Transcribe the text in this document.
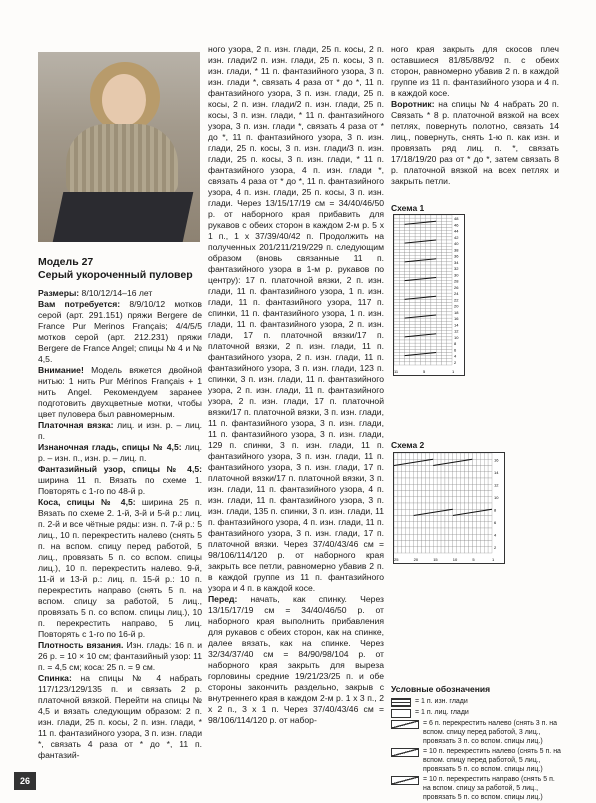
Модель 27
Серый укороченный пуловер

Размеры: 8/10/12/14–16 лет

Вам потребуется: 8/9/10/12 мотков серой (арт. 291.151) пряжи Bergere de France Pur Merinos Français; 4/4/5/5 мотков серой (арт. 212.231) пряжи Bergere de France Angel; спицы № 4 и № 4,5.

Внимание! Модель вяжется двойной нитью: 1 нить Pur Mérinos Français + 1 нить Angel. Рекомендуем заранее подготовить двухцветные мотки, чтобы цвет пуловера был равномерным.

Платочная вязка: лиц. и изн. р. – лиц. п.

Изнаночная гладь, спицы № 4,5: лиц. р. – изн. п., изн. р. – лиц. п.

Фантазийный узор, спицы № 4,5: ширина 11 п. Вязать по схеме 1. Повторять с 1-го по 48-й р.

Коса, спицы № 4,5: ширина 25 п. Вязать по схеме 2. 1-й, 3-й и 5-й р.: лиц. п. 2-й и все чётные ряды: изн. п. 7-й р.: 5 лиц., 10 п. перекрестить налево (снять 5 п. на вспом. спицу перед работой, 5 лиц., провязать 5 п. со вспом. спицы лиц.), 10 п. перекрестить налево. 9-й, 11-й и 13-й р.: лиц. п. 15-й р.: 10 п. перекрестить направо (снять 5 п. на вспом. спицу за работой, 5 лиц., провязать 5 п. со вспом. спицы лиц.), 10 п. перекрестить направо, 5 лиц. Повторять с 1-го по 16-й р.

Плотность вязания. Изн. гладь: 16 п. и 26 р. = 10 × 10 см; фантазийный узор: 11 п. = 4,5 см; коса: 25 п. = 9 см.

Спинка: на спицы № 4 набрать 117/123/129/135 п. и связать 2 р. платочной вязкой. Перейти на спицы № 4,5 и вязать следующим образом: 2 п. изн. глади, 25 п. косы, 2 п. изн. глади, * 11 п. фантазийного узора, 3 п. изн. глади *, связать 4 раза от * до *, 11 п. фантазий-

ного узора, 2 п. изн. глади, 25 п. косы, 2 п. изн. глади/2 п. изн. глади, 25 п. косы, 3 п. изн. глади, * 11 п. фантазийного узора, 3 п. изн. глади *, связать 4 раза от * до *, 11 п. фантазийного узора, 3 п. изн. глади, 25 п. косы, 2 п. изн. глади/2 п. изн. глади, 25 п. косы, 3 п. изн. глади, * 11 п. фантазийного узора, 3 п. изн. глади *, связать 4 раза от * до *, 11 п. фантазийного узора, 3 п. изн. глади, 25 п. косы, 3 п. изн. глади/3 п. изн. глади, 25 п. косы, 3 п. изн. глади, * 11 п. фантазийного узора, 4 п. изн. глади *, связать 4 раза от * до *, 11 п. фантазийного узора, 4 п. изн. глади, 25 п. косы, 3 п. изн. глади. Через 13/15/17/19 см = 34/40/46/50 р. от наборного края прибавить для рукавов с обеих сторон в каждом 2-м р. 5 х 1 п., 1 х 37/39/40/42 п. Продолжить на полученных 201/211/219/229 п. следующим образом (вновь связанные 11 п. фантазийного узора в 1-м р. рукавов по центру): 17 п. платочной вязки, 2 п. изн. глади, 11 п. фантазийного узора, 1 п. изн. глади, 11 п. фантазийного узора, 117 п. спинки, 11 п. фантазийного узора, 1 п. изн. глади, 11 п. фантазийного узора, 2 п. изн. глади, 17 п. платочной вязки/17 п. платочной вязки, 2 п. изн. глади, 11 п. фантазийного узора, 2 п. изн. глади, 11 п. фантазийного узора, 3 п. изн. глади, 123 п. спинки, 3 п. изн. глади, 11 п. фантазийного узора, 2 п. изн. глади, 11 п. фантазийного узора, 2 п. изн. глади, 17 п. платочной вязки/17 п. платочной вязки, 3 п. изн. глади, 11 п. фантазийного узора, 3 п. изн. глади, 11 п. фантазийного узора, 3 п. изн. глади, 129 п. спинки, 3 п. изн. глади, 11 п. фантазийного узора, 3 п. изн. глади, 11 п. фантазийного узора, 3 п. изн. глади, 17 п. платочной вязки/17 п. платочной вязки, 3 п. изн. глади, 11 п. фантазийного узора, 4 п. изн. глади, 11 п. фантазийного узора, 3 п. изн. глади, 135 п. спинки, 3 п. изн. глади, 11 п. фантазийного узора, 4 п. изн. глади, 11 п. фантазийного узора, 3 п. изн. глади, 17 п. платочной вязки. Через 37/40/43/46 см = 98/106/114/120 р. от наборного края закрыть все петли, равномерно убавив 2 п. в каждой группе из 11 п. фантазийного узора и 4 п. в каждой косе.

Перед: начать, как спинку. Через 13/15/17/19 см = 34/40/46/50 р. от наборного края выполнить прибавления для рукавов с обеих сторон, как на спинке, далее вязать, как на спинке. Через 32/34/37/40 см = 84/90/98/104 р. от наборного края закрыть для выреза горловины средние 19/21/23/25 п. и обе стороны закончить раздельно, закрыв с внутреннего края в каждом 2-м р. 1 х 3 п., 2 х 2 п., 3 х 1 п. Через 37/40/43/46 см = 98/106/114/120 р. от набор-

ного края закрыть для скосов плеч оставшиеся 81/85/88/92 п. с обеих сторон, равномерно убавив 2 п. в каждой группе из 11 п. фантазийного узора и 4 п. в каждой косе.

Воротник: на спицы № 4 набрать 20 п. Связать * 8 р. платочной вязкой на всех петлях, повернуть полотно, связать 14 лиц., повернуть, снять 1-ю п. как изн. и провязать ряд лиц. п. *, связать 17/18/19/20 раз от * до *, затем связать 8 р. платочной вязкой на всех петлях и закрыть петли.

Схема 1
48
46
44
42
40
38
36
34
32
30
28
26
24
22
20
18
16
14
12
10
8
6
4
2
11	5	1
Схема 2
16
14
12
10
8
6
4
2
25	20	15	10	5	1
Условные обозначения
= 1 п. изн. глади
= 1 п. лиц. глади
= 6 п. перекрестить налево (снять 3 п. на вспом. спицу перед работой, 3 лиц., провязать 3 п. со вспом. спицы лиц.)
= 10 п. перекрестить налево (снять 5 п. на вспом. спицу перед работой, 5 лиц., провязать 5 п. со вспом. спицы лиц.)
= 10 п. перекрестить направо (снять 5 п. на вспом. спицу за работой, 5 лиц., провязать 5 п. со вспом. спицы лиц.)
26
